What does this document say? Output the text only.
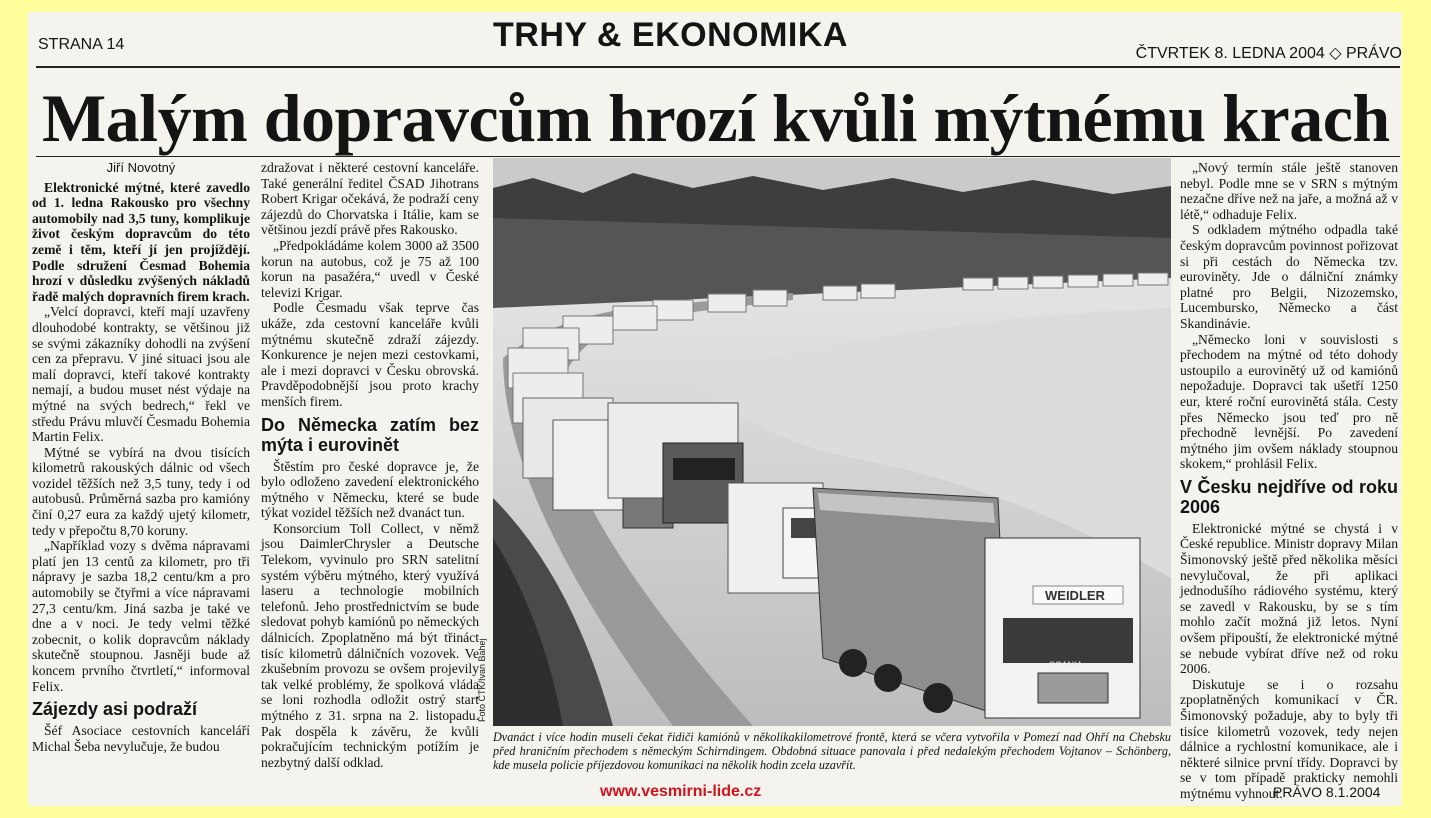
STRANA 14	TRHY & EKONOMIKA	ČTVRTEK 8. LEDNA 2004 ◇ PRÁVO
Malým dopravcům hrozí kvůli mýtnému krach
Jiří Novotný

Elektronické mýtné, které zavedlo od 1. ledna Rakousko pro všechny automobily nad 3,5 tuny, komplikuje život českým dopravcům do této země i těm, kteří jí jen projíždějí. Podle sdružení Česmad Bohemia hrozí v důsledku zvýšených nákladů řadě malých dopravních firem krach.

„Velcí dopravci, kteří mají uzavřeny dlouhodobé kontrakty, se většinou již se svými zákazníky dohodli na zvýšení cen za přepravu. V jiné situaci jsou ale malí dopravci, kteří takové kontrakty nemají, a budou muset nést výdaje na mýtné na svých bedrech,“ řekl ve středu Právu mluvčí Česmadu Bohemia Martin Felix.

Mýtné se vybírá na dvou tisících kilometrů rakouských dálnic od všech vozidel těžších než 3,5 tuny, tedy i od autobusů. Průměrná sazba pro kamióny činí 0,27 eura za každý ujetý kilometr, tedy v přepočtu 8,70 koruny.

„Například vozy s dvěma nápravami platí jen 13 centů za kilometr, pro tři nápravy je sazba 18,2 centu/km a pro automobily se čtyřmi a více nápravami 27,3 centu/km. Jiná sazba je také ve dne a v noci. Je tedy velmi těžké zobecnit, o kolik dopravcům náklady skutečně stoupnou. Jasněji bude až koncem prvního čtvrtletí,“ informoval Felix.

Zájezdy asi podraží

Šéf Asociace cestovních kanceláří Michal Šeba nevylučuje, že budou

zdražovat i některé cestovní kanceláře. Také generální ředitel ČSAD Jihotrans Robert Krigar očekává, že podraží ceny zájezdů do Chorvatska i Itálie, kam se většinou jezdí právě přes Rakousko.

„Předpokládáme kolem 3000 až 3500 korun na autobus, což je 75 až 100 korun na pasažéra,“ uvedl v České televizi Krigar.

Podle Česmadu však teprve čas ukáže, zda cestovní kanceláře kvůli mýtnému skutečně zdraží zájezdy. Konkurence je nejen mezi cestovkami, ale i mezi dopravci v Česku obrovská. Pravděpodobnější jsou proto krachy menších firem.

Do Německa zatím bez mýta i eurovinět

Štěstím pro české dopravce je, že bylo odloženo zavedení elektronického mýtného v Německu, které se bude týkat vozidel těžších než dvanáct tun.

Konsorcium Toll Collect, v němž jsou DaimlerChrysler a Deutsche Telekom, vyvinulo pro SRN satelitní systém výběru mýtného, který využívá laseru a technologie mobilních telefonů. Jeho prostřednictvím se bude sledovat pohyb kamiónů po německých dálnicích. Zpoplatněno má být třináct tisíc kilometrů dálničních vozovek. Ve zkušebním provozu se ovšem projevily tak velké problémy, že spolková vláda se loni rozhodla odložit ostrý start mýtného z 31. srpna na 2. listopadu. Pak dospěla k závěru, že kvůli pokračujícím technickým potížím je nezbytný další odklad.

Foto ČTK/Ivan Bahej
WEIDLER
SCANIA
Dvanáct i více hodin museli čekat řidiči kamiónů v několikakilometrové frontě, která se včera vytvořila v Pomezí nad Ohří na Chebsku před hraničním přechodem s německým Schirndingem. Obdobná situace panovala i před nedalekým přechodem Vojtanov – Schönberg, kde musela policie příjezdovou komunikaci na několik hodin zcela uzavřít.

„Nový termín stále ještě stanoven nebyl. Podle mne se v SRN s mýtným nezačne dříve než na jaře, a možná až v létě,“ odhaduje Felix.

S odkladem mýtného odpadla také českým dopravcům povinnost pořizovat si při cestách do Německa tzv. euroviněty. Jde o dálniční známky platné pro Belgii, Nizozemsko, Lucembursko, Německo a část Skandinávie.

„Německo loni v souvislosti s přechodem na mýtné od této dohody ustoupilo a eurovinětý už od kamiónů nepožaduje. Dopravci tak ušetří 1250 eur, které roční eurovinětá stála. Cesty přes Německo jsou teď pro ně přechodně levnější. Po zavedení mýtného jim ovšem náklady stoupnou skokem,“ prohlásil Felix.

V Česku nejdříve od roku 2006

Elektronické mýtné se chystá i v České republice. Ministr dopravy Milan Šimonovský ještě před několika měsíci nevylučoval, že při aplikaci jednodušího rádiového systému, který se zavedl v Rakousku, by se s tím mohlo začít možná již letos. Nyní ovšem připouští, že elektronické mýtné se nebude vybírat dříve než od roku 2006.

Diskutuje se i o rozsahu zpoplatněných komunikací v ČR. Šimonovský požaduje, aby to byly tři tisíce kilometrů vozovek, tedy nejen dálnice a rychlostní komunikace, ale i některé silnice první třídy. Dopravci by se v tom případě prakticky nemohli mýtnému vyhnout.

www.vesmirni-lide.cz	PRÁVO 8.1.2004
